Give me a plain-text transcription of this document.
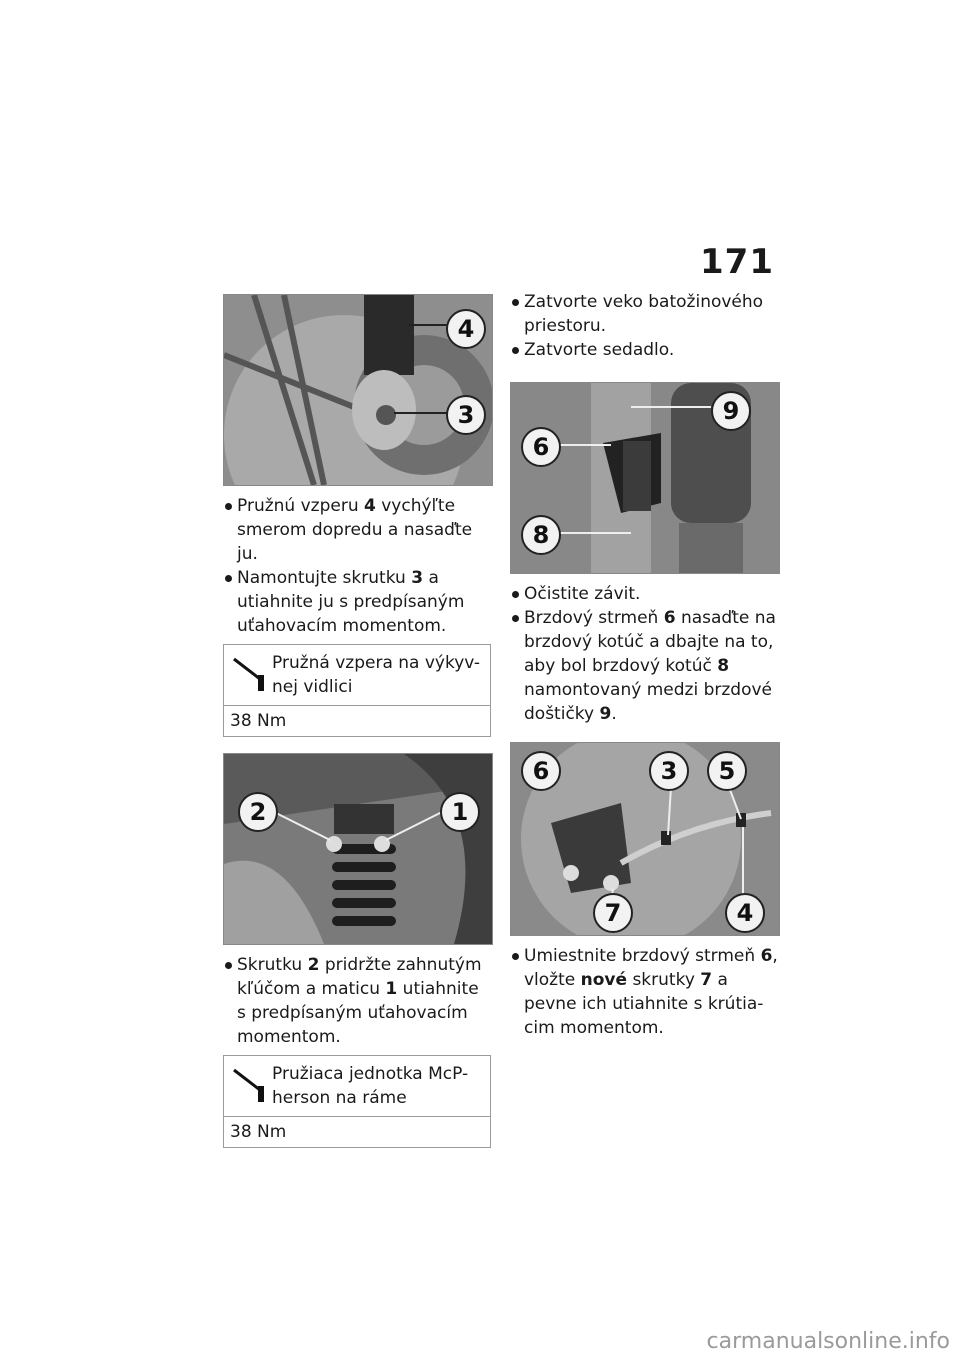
171
4
3
Pružnú vzperu 4 vychýľte smerom dopredu a nasaďte ju.
Namontujte skrutku 3 a utiahnite ju s predpísaným uťahovacím momentom.
Pružná vzpera na výkyv-nej vidlici
38 Nm
2	1
Skrutku 2 pridržte zahnutým kľúčom a maticu 1 utiahnite s predpísaným uťahovacím momentom.
Pružiaca jednotka McP-herson na ráme
38 Nm
Zatvorte veko batožinového priestoru.
Zatvorte sedadlo.
9
6
8
Očistite závit.
Brzdový strmeň 6 nasaďte na brzdový kotúč a dbajte na to, aby bol brzdový kotúč 8 namontovaný medzi brzdové doštičky 9.
6	3	5
7	4
Umiestnite brzdový strmeň 6, vložte nové skrutky 7 a pevne ich utiahnite s krútia-cim momentom.
carmanualsonline.info
